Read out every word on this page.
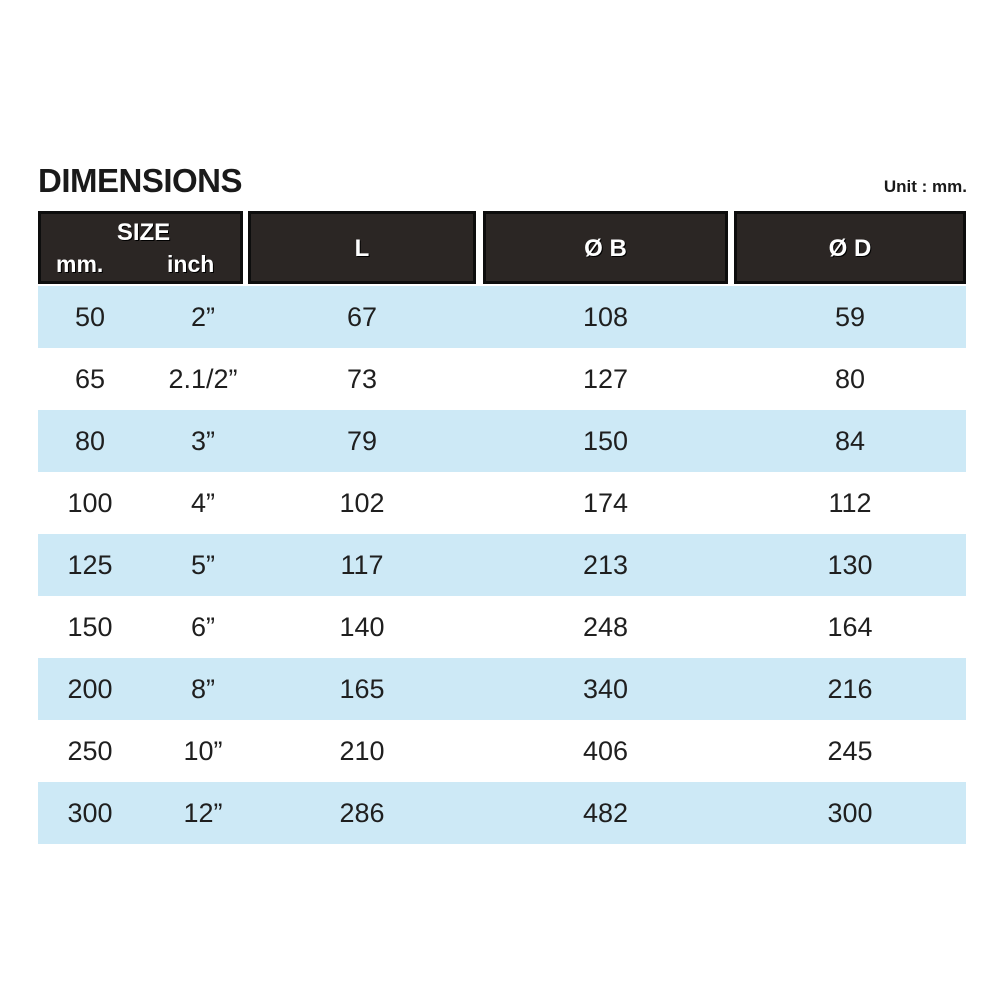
DIMENSIONS	Unit : mm.
SIZE
mm.	inch
L	Ø B	Ø D
50	2”	67	108	59
65	2.1/2”	73	127	80
80	3”	79	150	84
100	4”	102	174	112
125	5”	117	213	130
150	6”	140	248	164
200	8”	165	340	216
250	10”	210	406	245
300	12”	286	482	300
